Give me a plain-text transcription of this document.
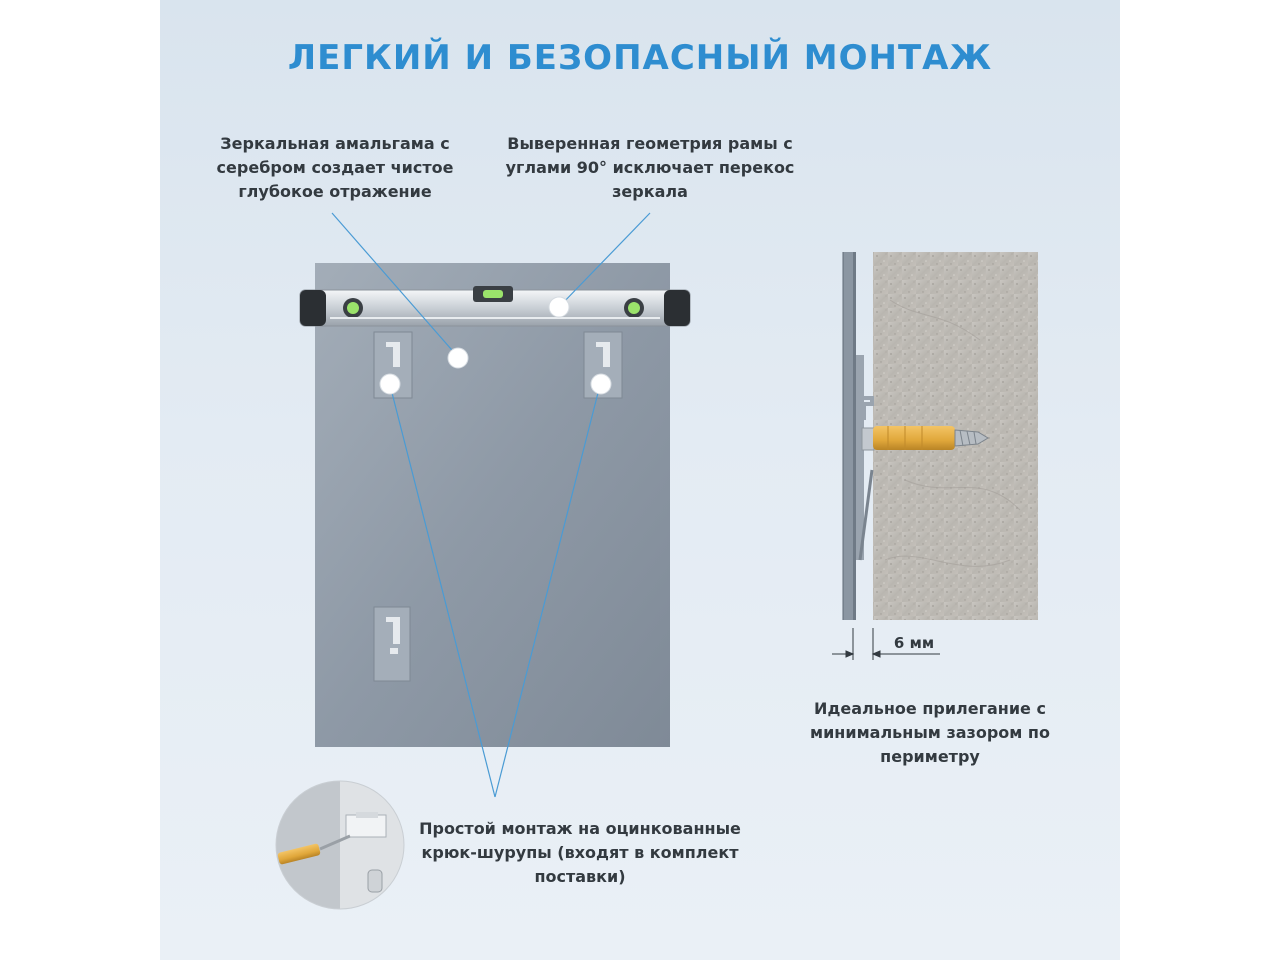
ЛЕГКИЙ И БЕЗОПАСНЫЙ МОНТАЖ
Зеркальная амальгама с серебром создает чистое глубокое отражение
Выверенная геометрия рамы с углами 90° исключает перекос зеркала
6 мм
Идеальное прилегание с минимальным зазором по периметру
Простой монтаж на оцинкованные крюк-шурупы (входят в комплект поставки)
